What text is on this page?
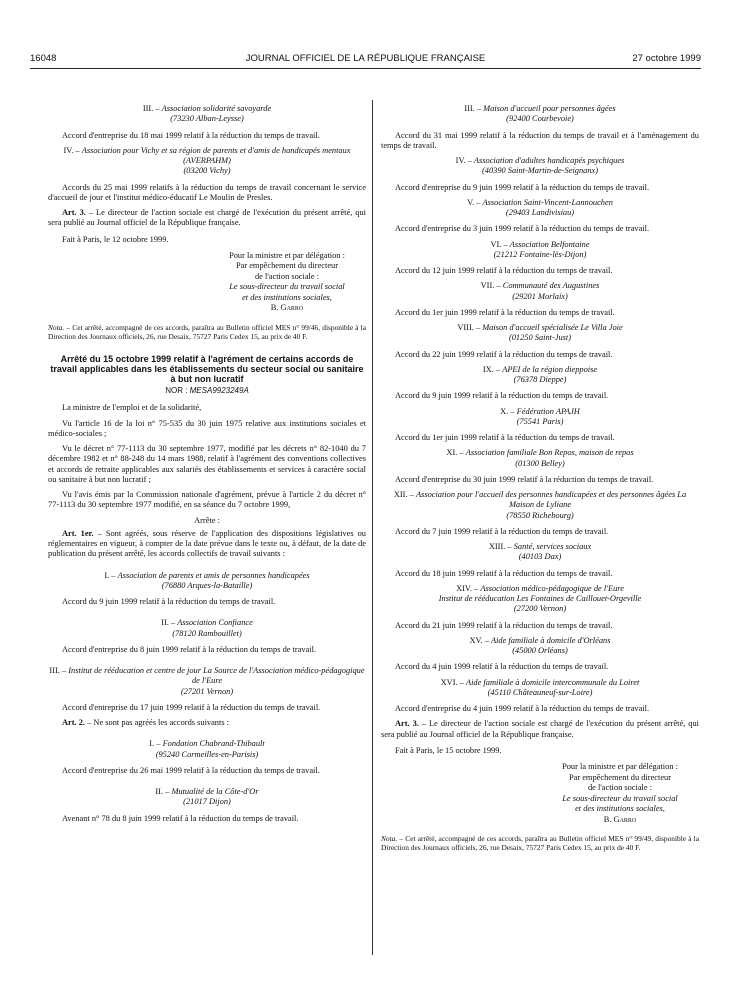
16048	JOURNAL OFFICIEL DE LA RÉPUBLIQUE FRANÇAISE	27 octobre 1999

III. – Association solidarité savoyarde

(73230 Alban-Leysse)

Accord d'entreprise du 18 mai 1999 relatif à la réduction du temps de travail.

IV. – Association pour Vichy et sa région de parents et d'amis de handicapés mentaux (AVERPAHM)

(03200 Vichy)

Accords du 25 mai 1999 relatifs à la réduction du temps de travail concernant le service d'accueil de jour et l'institut médico-éducatif Le Moulin de Presles.

Art. 3. – Le directeur de l'action sociale est chargé de l'exécution du présent arrêté, qui sera publié au Journal officiel de la République française.

Fait à Paris, le 12 octobre 1999.

Pour la ministre et par délégation :
Par empêchement du directeur
de l'action sociale :
Le sous-directeur du travail social
et des institutions sociales,
B. Garro

Nota. – Cet arrêté, accompagné de ces accords, paraîtra au Bulletin officiel MES n° 99/46, disponible à la Direction des Journaux officiels, 26, rue Desaix, 75727 Paris Cedex 15, au prix de 40 F.

Arrêté du 15 octobre 1999 relatif à l'agrément de certains accords de travail applicables dans les établissements du secteur social ou sanitaire à but non lucratif
NOR : MESA9923249A

La ministre de l'emploi et de la solidarité,

Vu l'article 16 de la loi n° 75-535 du 30 juin 1975 relative aux institutions sociales et médico-sociales ;

Vu le décret n° 77-1113 du 30 septembre 1977, modifié par les décrets n° 82-1040 du 7 décembre 1982 et n° 88-248 du 14 mars 1988, relatif à l'agrément des conventions collectives et accords de retraite applicables aux salariés des établissements et services à caractère social ou sanitaire à but non lucratif ;

Vu l'avis émis par la Commission nationale d'agrément, prévue à l'article 2 du décret n° 77-1113 du 30 septembre 1977 modifié, en sa séance du 7 octobre 1999,

Arrête :

Art. 1er. – Sont agréés, sous réserve de l'application des dispositions législatives ou réglementaires en vigueur, à compter de la date prévue dans le texte ou, à défaut, de la date de publication du présent arrêté, les accords collectifs de travail suivants :

I. – Association de parents et amis de personnes handicapées

(76880 Arques-la-Bataille)

Accord du 9 juin 1999 relatif à la réduction du temps de travail.

II. – Association Confiance

(78120 Rambouillet)

Accord d'entreprise du 8 juin 1999 relatif à la réduction du temps de travail.

III. – Institut de rééducation et centre de jour La Source de l'Association médico-pédagogique de l'Eure

(27201 Vernon)

Accord d'entreprise du 17 juin 1999 relatif à la réduction du temps de travail.

Art. 2. – Ne sont pas agréés les accords suivants :

I. – Fondation Chabrand-Thibault

(95240 Cormeilles-en-Parisis)

Accord d'entreprise du 26 mai 1999 relatif à la réduction du temps de travail.

II. – Mutualité de la Côte-d'Or

(21017 Dijon)

Avenant n° 78 du 8 juin 1999 relatif à la réduction du temps de travail.

III. – Maison d'accueil pour personnes âgées

(92400 Courbevoie)

Accord du 31 mai 1999 relatif à la réduction du temps de travail et à l'aménagement du temps de travail.

IV. – Association d'adultes handicapés psychiques

(40390 Saint-Martin-de-Seignanx)

Accord d'entreprise du 9 juin 1999 relatif à la réduction du temps de travail.

V. – Association Saint-Vincent-Lannouchen

(29403 Landivisiau)

Accord d'entreprise du 3 juin 1999 relatif à la réduction du temps de travail.

VI. – Association Belfontaine

(21212 Fontaine-lès-Dijon)

Accord du 12 juin 1999 relatif à la réduction du temps de travail.

VII. – Communauté des Augustines

(29201 Morlaix)

Accord du 1er juin 1999 relatif à la réduction du temps de travail.

VIII. – Maison d'accueil spécialisée Le Villa Joie

(01250 Saint-Just)

Accord du 22 juin 1999 relatif à la réduction du temps de travail.

IX. – APEI de la région dieppoise

(76378 Dieppe)

Accord du 9 juin 1999 relatif à la réduction du temps de travail.

X. – Fédération APAJH

(75541 Paris)

Accord du 1er juin 1999 relatif à la réduction du temps de travail.

XI. – Association familiale Bon Repos, maison de repos

(01300 Belley)

Accord d'entreprise du 30 juin 1999 relatif à la réduction du temps de travail.

XII. – Association pour l'accueil des personnes handicapées et des personnes âgées La Maison de Lyliane

(78550 Richebourg)

Accord du 7 juin 1999 relatif à la réduction du temps de travail.

XIII. – Santé, services sociaux

(40103 Dax)

Accord du 18 juin 1999 relatif à la réduction du temps de travail.

XIV. – Association médico-pédagogique de l'Eure

Institut de rééducation Les Fontaines de Caillouet-Orgeville

(27200 Vernon)

Accord du 21 juin 1999 relatif à la réduction du temps de travail.

XV. – Aide familiale à domicile d'Orléans

(45000 Orléans)

Accord du 4 juin 1999 relatif à la réduction du temps de travail.

XVI. – Aide familiale à domicile intercommunale du Loiret

(45110 Châteauneuf-sur-Loire)

Accord d'entreprise du 4 juin 1999 relatif à la réduction du temps de travail.

Art. 3. – Le directeur de l'action sociale est chargé de l'exécution du présent arrêté, qui sera publié au Journal officiel de la République française.

Fait à Paris, le 15 octobre 1999.

Pour la ministre et par délégation :
Par empêchement du directeur
de l'action sociale :
Le sous-directeur du travail social
et des institutions sociales,
B. Garro

Nota. – Cet arrêté, accompagné de ces accords, paraîtra au Bulletin officiel MES n° 99/49, disponible à la Direction des Journaux officiels, 26, rue Desaix, 75727 Paris Cedex 15, au prix de 40 F.
